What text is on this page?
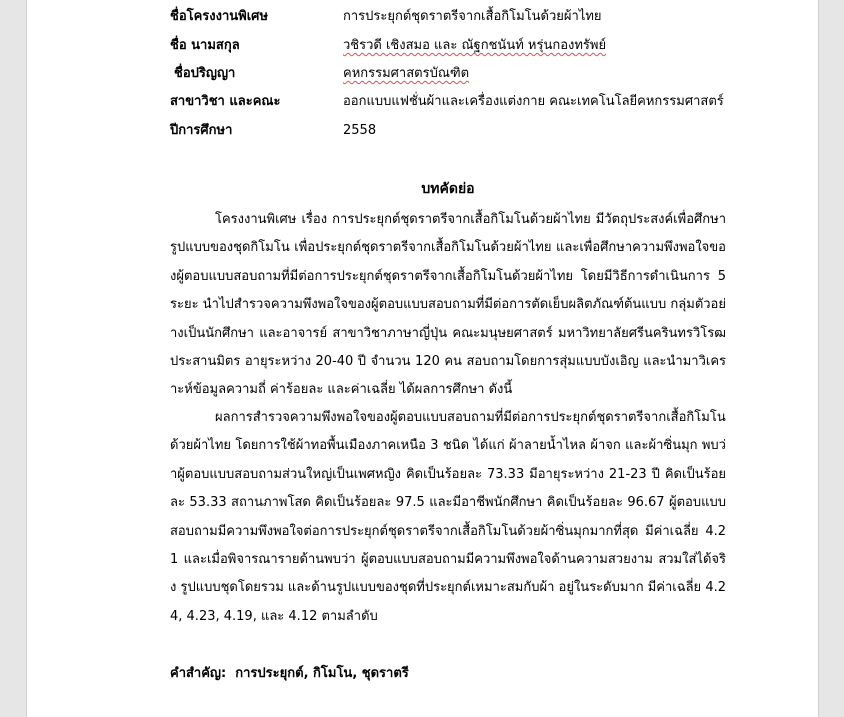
ชื่อโครงงานพิเศษ	การประยุกต์ชุดราตรีจากเสื้อกิโมโนด้วยผ้าไทย
ชื่อ นามสกุล	วชิรวดี เชิงสมอ และ ณัฐกชนันท์ หรุ่นกองทรัพย์
ชื่อปริญญา	คหกรรมศาสตรบัณฑิต
สาขาวิชา และคณะ	ออกแบบแฟชั่นผ้าและเครื่องแต่งกาย คณะเทคโนโลยีคหกรรมศาสตร์
ปีการศึกษา	2558
บทคัดย่อ

โครงงานพิเศษ เรื่อง การประยุกต์ชุดราตรีจากเสื้อกิโมโนด้วยผ้าไทย มีวัตถุประสงค์เพื่อศึกษารูปแบบของชุดกิโมโน เพื่อประยุกต์ชุดราตรีจากเสื้อกิโมโนด้วยผ้าไทย และเพื่อศึกษาความพึงพอใจของผู้ตอบแบบสอบถามที่มีต่อการประยุกต์ชุดราตรีจากเสื้อกิโมโนด้วยผ้าไทย โดยมีวิธีการดำเนินการ 5 ระยะ นำไปสำรวจความพึงพอใจของผู้ตอบแบบสอบถามที่มีต่อการตัดเย็บผลิตภัณฑ์ต้นแบบ กลุ่มตัวอย่างเป็นนักศึกษา และอาจารย์ สาขาวิชาภาษาญี่ปุ่น คณะมนุษยศาสตร์ มหาวิทยาลัยศรีนครินทรวิโรฒ ประสานมิตร อายุระหว่าง 20-40 ปี จำนวน 120 คน สอบถามโดยการสุ่มแบบบังเอิญ และนำมาวิเคราะห์ข้อมูลความถี่ ค่าร้อยละ และค่าเฉลี่ย ได้ผลการศึกษา ดังนี้

ผลการสำรวจความพึงพอใจของผู้ตอบแบบสอบถามที่มีต่อการประยุกต์ชุดราตรีจากเสื้อกิโมโนด้วยผ้าไทย โดยการใช้ผ้าทอพื้นเมืองภาคเหนือ 3 ชนิด ได้แก่ ผ้าลายน้ำไหล ผ้าจก และผ้าซิ่นมุก พบว่าผู้ตอบแบบสอบถามส่วนใหญ่เป็นเพศหญิง คิดเป็นร้อยละ 73.33 มีอายุระหว่าง 21-23 ปี คิดเป็นร้อยละ 53.33 สถานภาพโสด คิดเป็นร้อยละ 97.5 และมีอาชีพนักศึกษา คิดเป็นร้อยละ 96.67 ผู้ตอบแบบสอบถามมีความพึงพอใจต่อการประยุกต์ชุดราตรีจากเสื้อกิโมโนด้วยผ้าซิ่นมุกมากที่สุด มีค่าเฉลี่ย 4.21 และเมื่อพิจารณารายด้านพบว่า ผู้ตอบแบบสอบถามมีความพึงพอใจด้านความสวยงาม สวมใส่ได้จริง รูปแบบชุดโดยรวม และด้านรูปแบบของชุดที่ประยุกต์เหมาะสมกับผ้า อยู่ในระดับมาก มีค่าเฉลี่ย 4.24, 4.23, 4.19, และ 4.12 ตามลำดับ

คำสำคัญ: การประยุกต์, กิโมโน, ชุดราตรี
